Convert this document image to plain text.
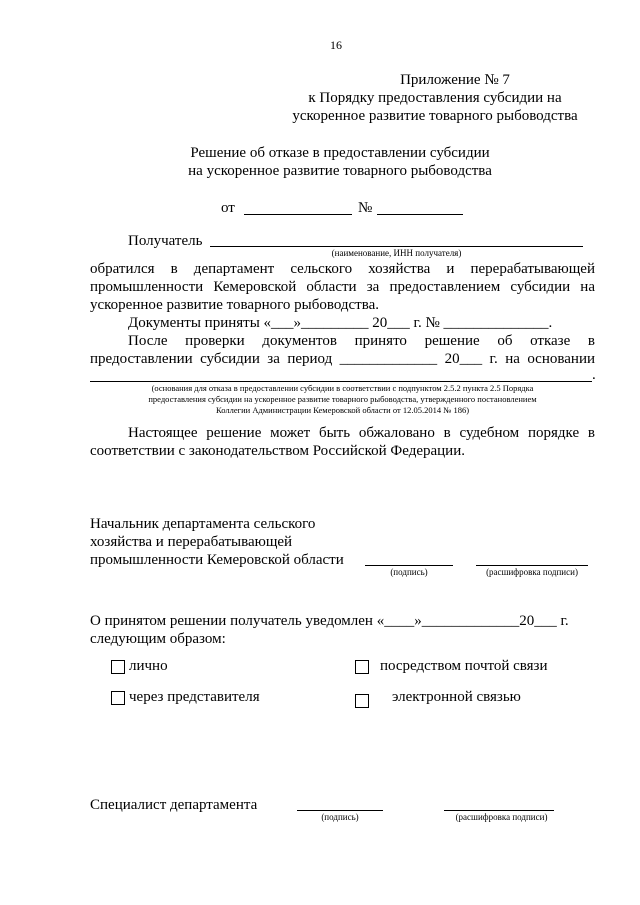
16
Приложение № 7
к Порядку предоставления субсидии на
ускоренное развитие товарного рыбоводства
Решение об отказе в предоставлении субсидии
на ускоренное развитие товарного рыбоводства
от	№
Получатель
(наименование, ИНН получателя)
обратился в департамент сельского хозяйства и перерабатывающей
промышленности Кемеровской области за предоставлением субсидии на
ускоренное развитие товарного рыбоводства.
Документы приняты «___»_________ 20___ г. № ______________.
После проверки документов принято решение об отказе в
предоставлении субсидии за период _____________ 20___ г. на основании
.
(основания для отказа в предоставлении субсидии в соответствии с подпунктом 2.5.2 пункта 2.5 Порядка
предоставления субсидии на ускоренное развитие товарного рыбоводства, утвержденного постановлением
Коллегии Администрации Кемеровской области от 12.05.2014 № 186)
Настоящее решение может быть обжаловано в судебном порядке в
соответствии с законодательством Российской Федерации.
Начальник департамента сельского
хозяйства и перерабатывающей
промышленности Кемеровской области
(подпись)	(расшифровка подписи)
О принятом решении получатель уведомлен «____»_____________20___ г.
следующим образом:
лично	посредством почтой связи
через представителя	электронной связью
Специалист департамента
(подпись)	(расшифровка подписи)
